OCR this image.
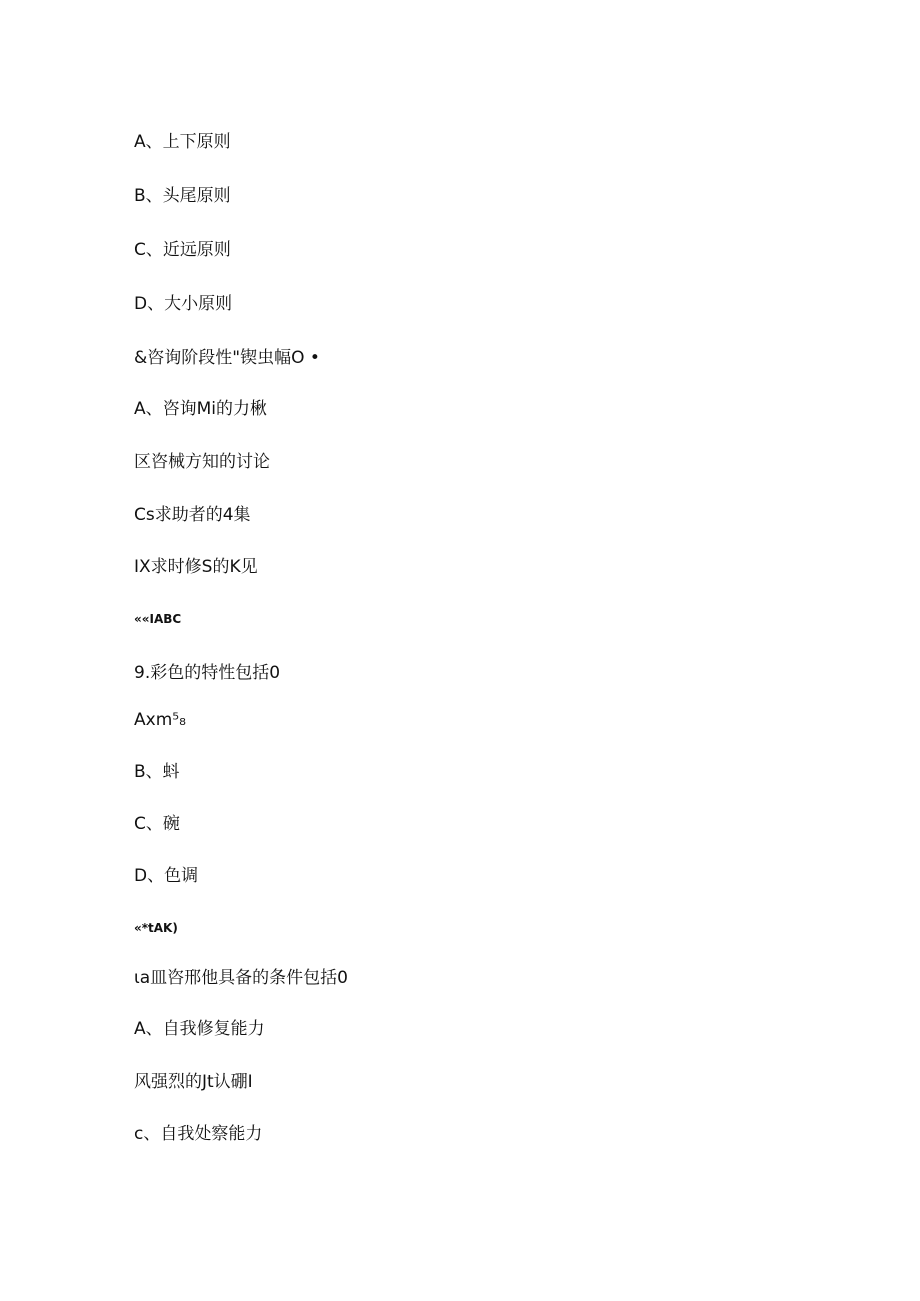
A、上下原则

B、头尾原则

C、近远原则

D、大小原则

&咨询阶段性"锲虫幅O •

A、咨询Mi的力楸

区咨械方知的讨论

Cs求助者的4集

IX求时修S的K见

««IABC

9.彩色的特性包括0

Axm⁵₈

B、蚪

C、碗

D、色调

«*tAK)

ιa皿咨邢他具备的条件包括0

A、自我修复能力

风强烈的Jt认硼I

c、自我处察能力
